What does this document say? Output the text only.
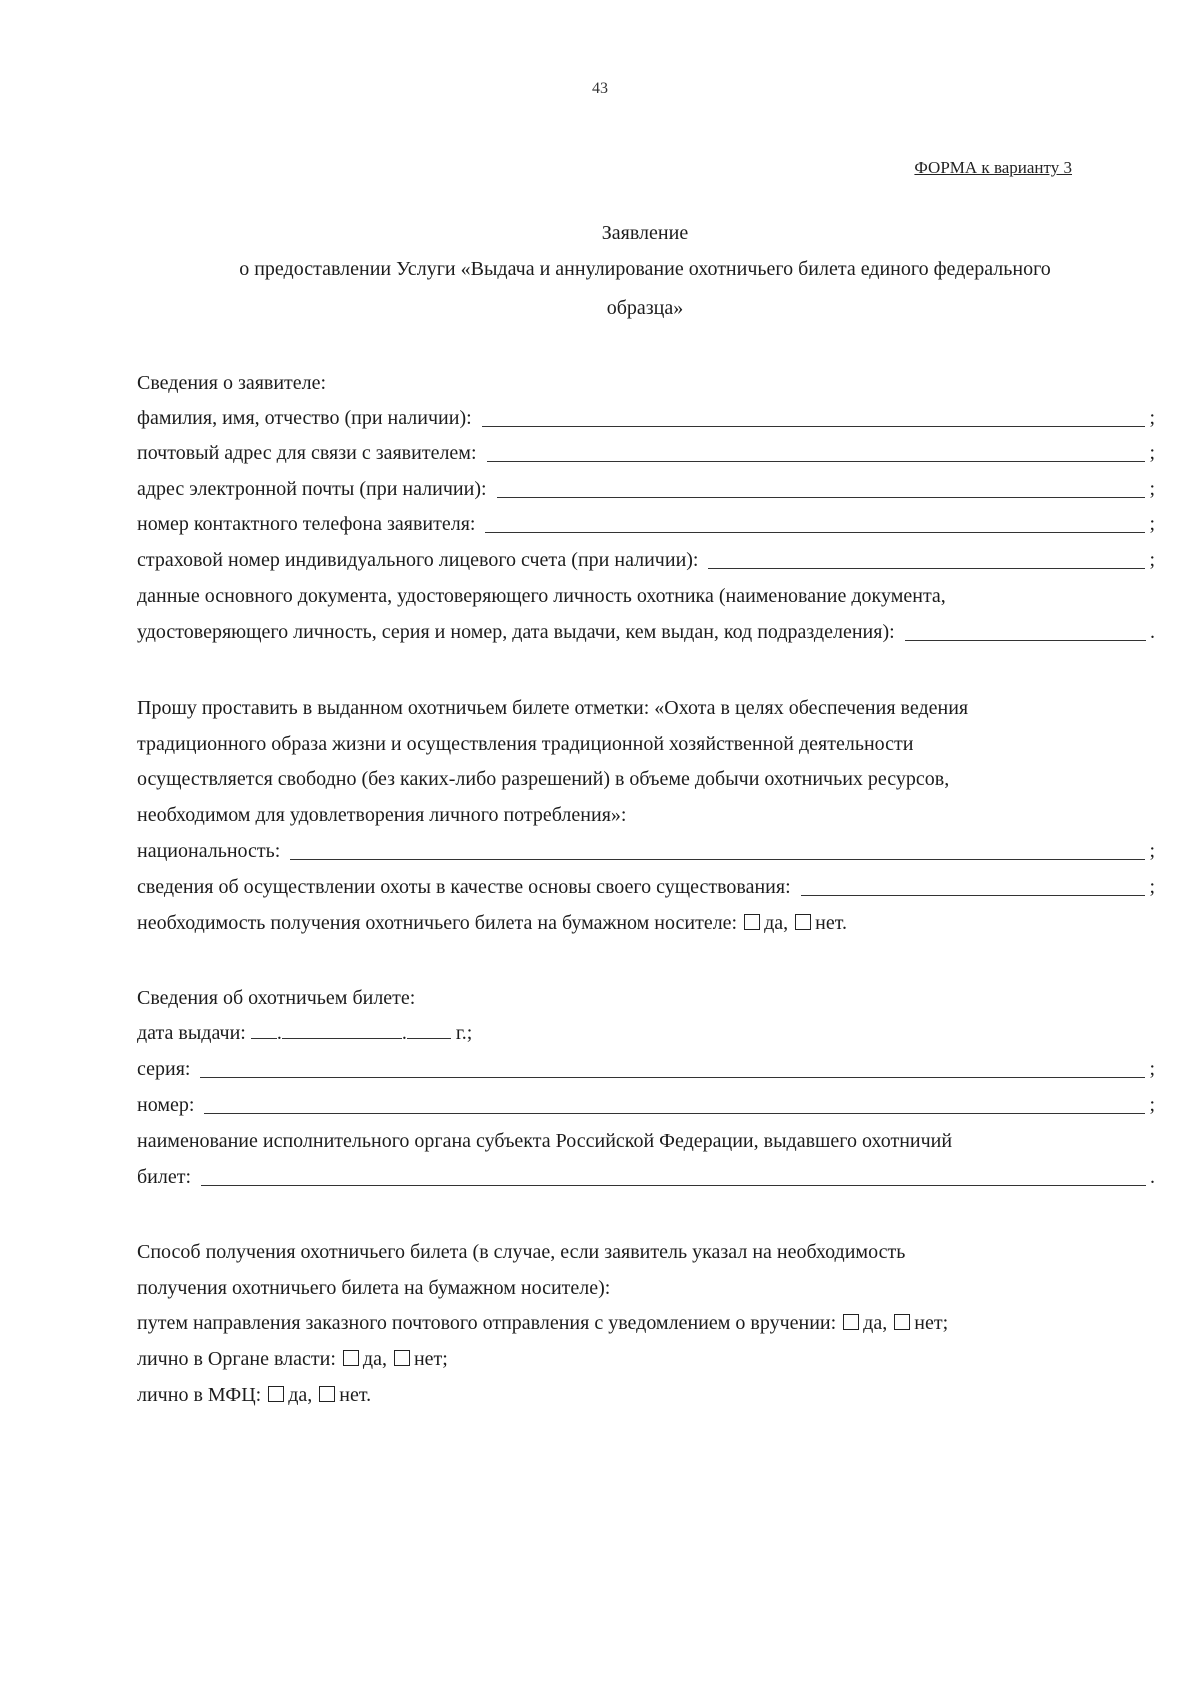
43
ФОРМА к варианту 3
Заявление
о предоставлении Услуги «Выдача и аннулирование охотничьего билета единого федерального
образца»
Сведения о заявителе:
фамилия, имя, отчество (при наличии):	;
почтовый адрес для связи с заявителем:	;
адрес электронной почты (при наличии):	;
номер контактного телефона заявителя:	;
страховой номер индивидуального лицевого счета (при наличии):	;
данные основного документа, удостоверяющего личность охотника (наименование документа,
удостоверяющего личность, серия и номер, дата выдачи, кем выдан, код подразделения):	.
Прошу проставить в выданном охотничьем билете отметки: «Охота в целях обеспечения ведения
традиционного образа жизни и осуществления традиционной хозяйственной деятельности
осуществляется свободно (без каких-либо разрешений) в объеме добычи охотничьих ресурсов,
необходимом для удовлетворения личного потребления»:
национальность:	;
сведения об осуществлении охоты в качестве основы своего существования:	;
необходимость получения охотничьего билета на бумажном носителе: да, нет.
Сведения об охотничьем билете:
дата выдачи: .	. г.;
серия:	;
номер:	;
наименование исполнительного органа субъекта Российской Федерации, выдавшего охотничий
билет:	.
Способ получения охотничьего билета (в случае, если заявитель указал на необходимость
получения охотничьего билета на бумажном носителе):
путем направления заказного почтового отправления с уведомлением о вручении: да, нет;
лично в Органе власти: да, нет;
лично в МФЦ: да, нет.
